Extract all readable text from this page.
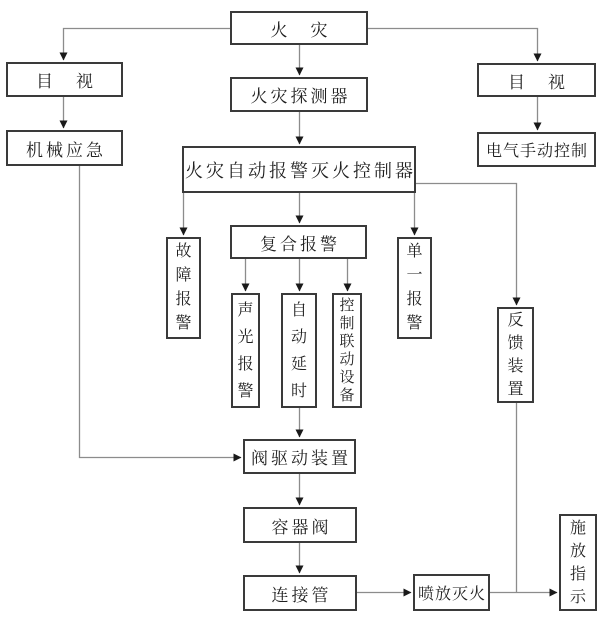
火　灾
目　视	目　视
火灾探测器
机械应急	电气手动控制
火灾自动报警灭火控制器
故障报警
复合报警	单一报警
声光报警
自动延时
控制联动设备
反馈装置
阀驱动装置
容器阀
连接管	喷放灭火
施放指示
